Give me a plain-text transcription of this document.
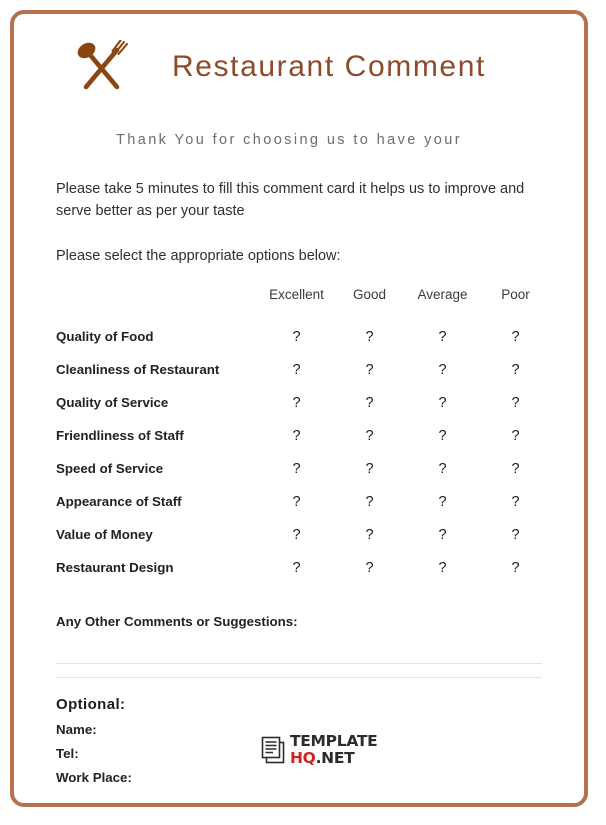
Restaurant Comment
Thank You for choosing us to have your
Please take 5 minutes to fill this comment card it helps us to improve and serve better as per your taste
Please select the appropriate options below:
	Excellent	Good	Average	Poor
Quality of Food	?	?	?	?
Cleanliness of Restaurant	?	?	?	?
Quality of Service	?	?	?	?
Friendliness of Staff	?	?	?	?
Speed of Service	?	?	?	?
Appearance of Staff	?	?	?	?
Value of Money	?	?	?	?
Restaurant Design	?	?	?	?
Any Other Comments or Suggestions:
Optional:
Name:
Tel:
Work Place:
TEMPLATE
HQ.NET
